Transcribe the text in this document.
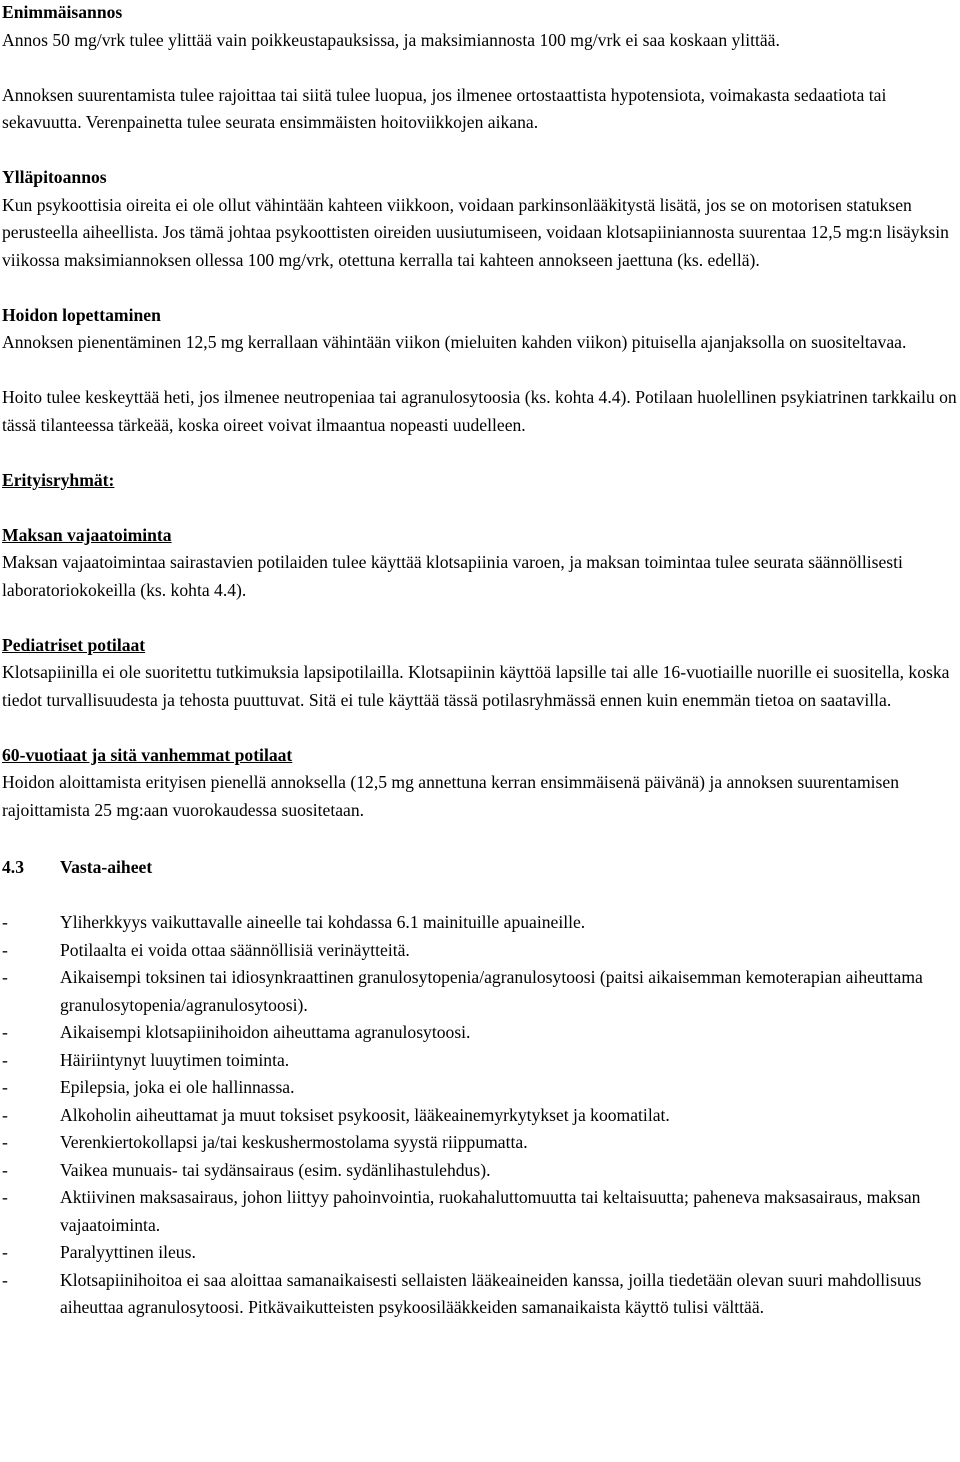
Enimmäisannos

Annos 50 mg/vrk tulee ylittää vain poikkeustapauksissa, ja maksimiannosta 100 mg/vrk ei saa koskaan ylittää.

Annoksen suurentamista tulee rajoittaa tai siitä tulee luopua, jos ilmenee ortostaattista hypotensiota, voimakasta sedaatiota tai sekavuutta. Verenpainetta tulee seurata ensimmäisten hoitoviikkojen aikana.

Ylläpitoannos

Kun psykoottisia oireita ei ole ollut vähintään kahteen viikkoon, voidaan parkinsonlääkitystä lisätä, jos se on motorisen statuksen perusteella aiheellista. Jos tämä johtaa psykoottisten oireiden uusiutumiseen, voidaan klotsapiiniannosta suurentaa 12,5 mg:n lisäyksin viikossa maksimiannoksen ollessa 100 mg/vrk, otettuna kerralla tai kahteen annokseen jaettuna (ks. edellä).

Hoidon lopettaminen

Annoksen pienentäminen 12,5 mg kerrallaan vähintään viikon (mieluiten kahden viikon) pituisella ajanjaksolla on suositeltavaa.

Hoito tulee keskeyttää heti, jos ilmenee neutropeniaa tai agranulosytoosia (ks. kohta 4.4). Potilaan huolellinen psykiatrinen tarkkailu on tässä tilanteessa tärkeää, koska oireet voivat ilmaantua nopeasti uudelleen.

Erityisryhmät:

Maksan vajaatoiminta

Maksan vajaatoimintaa sairastavien potilaiden tulee käyttää klotsapiinia varoen, ja maksan toimintaa tulee seurata säännöllisesti laboratoriokokeilla (ks. kohta 4.4).

Pediatriset potilaat

Klotsapiinilla ei ole suoritettu tutkimuksia lapsipotilailla. Klotsapiinin käyttöä lapsille tai alle 16-vuotiaille nuorille ei suositella, koska tiedot turvallisuudesta ja tehosta puuttuvat. Sitä ei tule käyttää tässä potilasryhmässä ennen kuin enemmän tietoa on saatavilla.

60-vuotiaat ja sitä vanhemmat potilaat

Hoidon aloittamista erityisen pienellä annoksella (12,5 mg annettuna kerran ensimmäisenä päivänä) ja annoksen suurentamisen rajoittamista 25 mg:aan vuorokaudessa suositetaan.

4.3 Vasta-aiheet

-	Yliherkkyys vaikuttavalle aineelle tai kohdassa 6.1 mainituille apuaineille.
-	Potilaalta ei voida ottaa säännöllisiä verinäytteitä.
-	Aikaisempi toksinen tai idiosynkraattinen granulosytopenia/agranulosytoosi (paitsi aikaisemman kemoterapian aiheuttama granulosytopenia/agranulosytoosi).
-	Aikaisempi klotsapiinihoidon aiheuttama agranulosytoosi.
-	Häiriintynyt luuytimen toiminta.
-	Epilepsia, joka ei ole hallinnassa.
-	Alkoholin aiheuttamat ja muut toksiset psykoosit, lääkeainemyrkytykset ja koomatilat.
-	Verenkiertokollapsi ja/tai keskushermostolama syystä riippumatta.
-	Vaikea munuais- tai sydänsairaus (esim. sydänlihastulehdus).
-	Aktiivinen maksasairaus, johon liittyy pahoinvointia, ruokahaluttomuutta tai keltaisuutta; paheneva maksasairaus, maksan vajaatoiminta.
-	Paralyyttinen ileus.
-	Klotsapiinihoitoa ei saa aloittaa samanaikaisesti sellaisten lääkeaineiden kanssa, joilla tiedetään olevan suuri mahdollisuus aiheuttaa agranulosytoosi. Pitkävaikutteisten psykoosilääkkeiden samanaikaista käyttö tulisi välttää.
